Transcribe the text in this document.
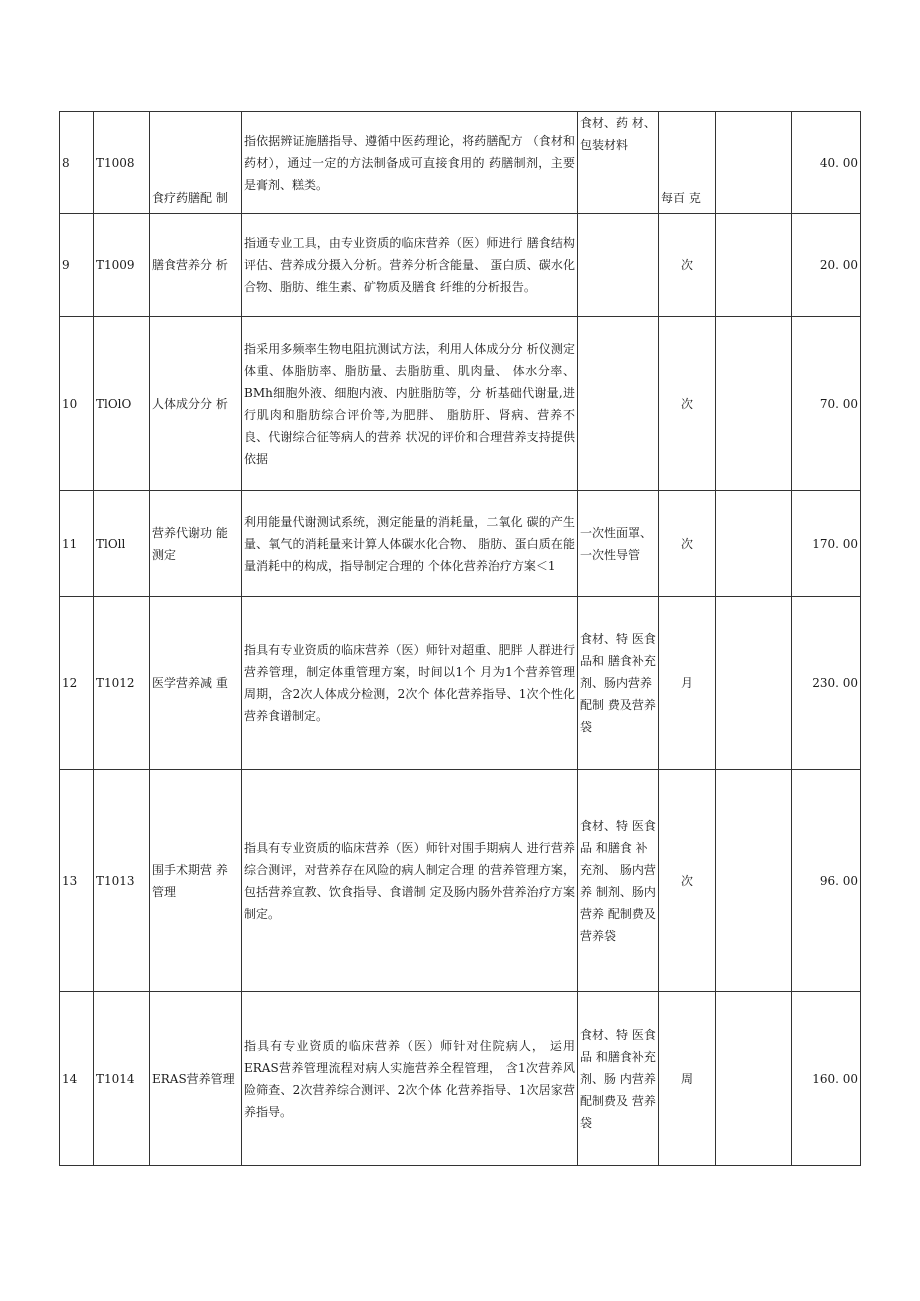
8	T1008	食疗药膳配 制	指依据辨证施膳指导、遵循中医药理论，将药膳配方 （食材和药材），通过一定的方法制备成可直接食用的 药膳制剂，主要是膏剂、糕类。	食材、药 材、包装材料	每百 克		40. 00
9	T1009	膳食营养分 析	指通专业工具，由专业资质的临床营养（医）师进行 膳食结构评估、营养成分摄入分析。营养分析含能量、 蛋白质、碳水化合物、脂肪、维生素、矿物质及膳食 纤维的分析报告。		次		20. 00
10	TlOlO	人体成分分 析	指采用多频率生物电阻抗测试方法，利用人体成分分 析仪测定体重、体脂肪率、脂肪量、去脂肪重、肌肉量、 体水分率、BMh细胞外液、细胞内液、内脏脂肪等，分 析基础代谢量,进行肌肉和脂肪综合评价等,为肥胖、 脂肪肝、肾病、营养不良、代谢综合征等病人的营养 状况的评价和合理营养支持提供依据		次		70. 00
11	TlOll	营养代谢功 能测定	利用能量代谢测试系统，测定能量的消耗量，二氧化 碳的产生量、氧气的消耗量来计算人体碳水化合物、 脂肪、蛋白质在能量消耗中的构成，指导制定合理的 个体化营养治疗方案＜1	一次性面罩、一次性导管	次		170. 00
12	T1012	医学营养减 重	指具有专业资质的临床营养（医）师针对超重、肥胖 人群进行营养管理，制定体重管理方案，时间以1个 月为1个营养管理周期，含2次人体成分检测，2次个 体化营养指导、1次个性化营养食谱制定。	食材、特 医食品和 膳食补充 剂、肠内营养配制 费及营养 袋	月		230. 00
13	T1013	围手术期营 养管理	指具有专业资质的临床营养（医）师针对围手期病人 进行营养综合测评，对营养存在风险的病人制定合理 的营养管理方案，包括营养宣教、饮食指导、食谱制 定及肠内肠外营养治疗方案制定。	食材、特 医食品 和膳食 补充剂、 肠内营养 制剂、肠内营养 配制费及 营养袋	次		96. 00
14	T1014	ERAS营养管理	指具有专业资质的临床营养（医）师针对住院病人， 运用ERAS营养管理流程对病人实施营养全程管理， 含1次营养风险筛查、2次营养综合测评、2次个体 化营养指导、1次居家营养指导。	食材、特 医食品 和膳食补充剂、肠 内营养 配制费及 营养袋	周		160. 00
